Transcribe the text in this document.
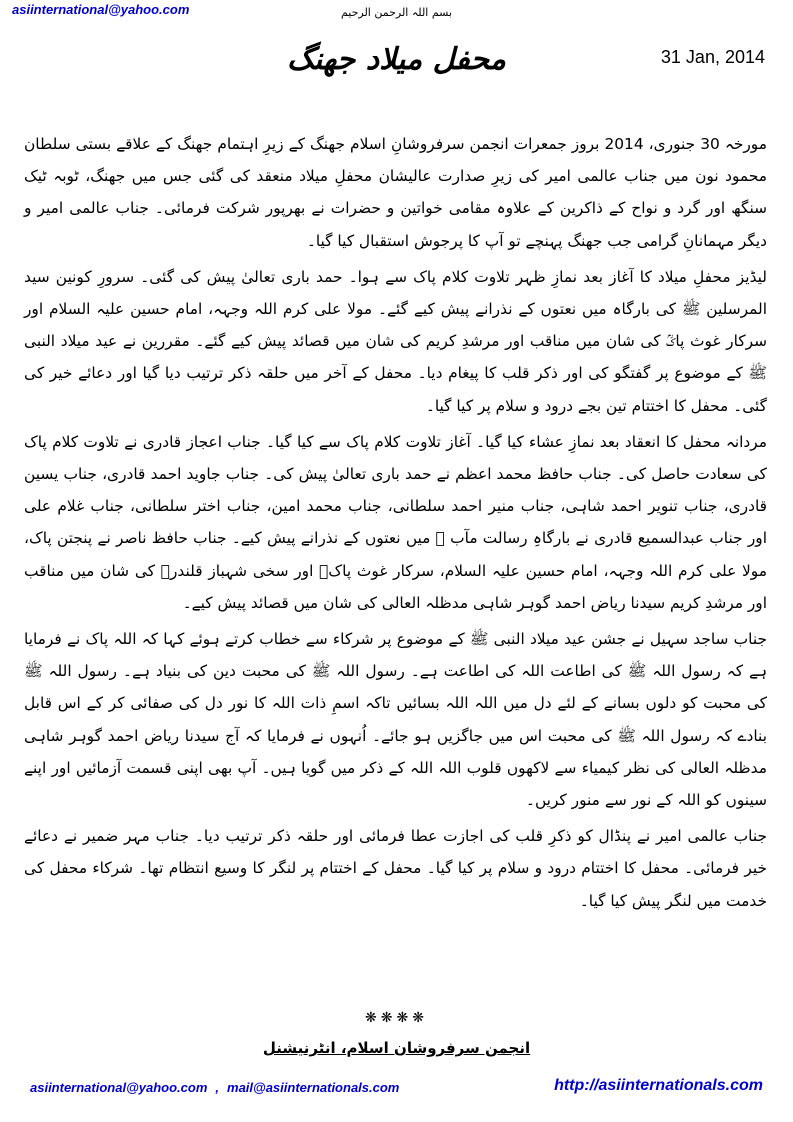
asiinternational@yahoo.com	بسم اللہ الرحمن الرحیم
محفل میلاد جھنگ	31 Jan, 2014

مورخہ 30 جنوری، 2014 بروز جمعرات انجمن سرفروشانِ اسلام جھنگ کے زیرِ اہتمام جھنگ کے علاقے بستی سلطان محمود نون میں جناب عالمی امیر کی زیرِ صدارت عالیشان محفلِ میلاد منعقد کی گئی جس میں جھنگ، ٹوبہ ٹیک سنگھ اور گرد و نواح کے ذاکرین کے علاوہ مقامی خواتین و حضرات نے بھرپور شرکت فرمائی۔ جناب عالمی امیر و دیگر مہمانانِ گرامی جب جھنگ پہنچے تو آپ کا پرجوش استقبال کیا گیا۔

لیڈیز محفلِ میلاد کا آغاز بعد نمازِ ظہر تلاوت کلام پاک سے ہوا۔ حمد باری تعالیٰ پیش کی گئی۔ سرورِ کونین سید المرسلین ﷺ کی بارگاہ میں نعتوں کے نذرانے پیش کیے گئے۔ مولا علی کرم اللہ وجہہ، امام حسین علیہ السلام اور سرکار غوث پاکؒ کی شان میں مناقب اور مرشدِ کریم کی شان میں قصائد پیش کیے گئے۔ مقررین نے عید میلاد النبی ﷺ کے موضوع پر گفتگو کی اور ذکر قلب کا پیغام دیا۔ محفل کے آخر میں حلقہ ذکر ترتیب دیا گیا اور دعائے خیر کی گئی۔ محفل کا اختتام تین بجے درود و سلام پر کیا گیا۔

مردانہ محفل کا انعقاد بعد نمازِ عشاء کیا گیا۔ آغاز تلاوت کلام پاک سے کیا گیا۔ جناب اعجاز قادری نے تلاوت کلام پاک کی سعادت حاصل کی۔ جناب حافظ محمد اعظم نے حمد باری تعالیٰ پیش کی۔ جناب جاوید احمد قادری، جناب یسین قادری، جناب تنویر احمد شاہی، جناب منیر احمد سلطانی، جناب محمد امین، جناب اختر سلطانی، جناب غلام علی اور جناب عبدالسمیع قادری نے بارگاہِ رسالت مآب ﷺ میں نعتوں کے نذرانے پیش کیے۔ جناب حافظ ناصر نے پنجتن پاک، مولا علی کرم اللہ وجہہ، امام حسین علیہ السلام، سرکار غوث پاکؒ اور سخی شہباز قلندرؒ کی شان میں مناقب اور مرشدِ کریم سیدنا ریاض احمد گوہر شاہی مدظلہ العالی کی شان میں قصائد پیش کیے۔

جناب ساجد سہیل نے جشن عید میلاد النبی ﷺ کے موضوع پر شرکاء سے خطاب کرتے ہوئے کہا کہ اللہ پاک نے فرمایا ہے کہ رسول اللہ ﷺ کی اطاعت اللہ کی اطاعت ہے۔ رسول اللہ ﷺ کی محبت دین کی بنیاد ہے۔ رسول اللہ ﷺ کی محبت کو دلوں بسانے کے لئے دل میں اللہ اللہ بسائیں تاکہ اسمِ ذات اللہ کا نور دل کی صفائی کر کے اس قابل بنادے کہ رسول اللہ ﷺ کی محبت اس میں جاگزیں ہو جائے۔ اُنہوں نے فرمایا کہ آج سیدنا ریاض احمد گوہر شاہی مدظلہ العالی کی نظر کیمیاء سے لاکھوں قلوب اللہ اللہ کے ذکر میں گویا ہیں۔ آپ بھی اپنی قسمت آزمائیں اور اپنے سینوں کو اللہ کے نور سے منور کریں۔

جناب عالمی امیر نے پنڈال کو ذکرِ قلب کی اجازت عطا فرمائی اور حلقہ ذکر ترتیب دیا۔ جناب مہر ضمیر نے دعائے خیر فرمائی۔ محفل کا اختتام درود و سلام پر کیا گیا۔ محفل کے اختتام پر لنگر کا وسیع انتظام تھا۔ شرکاء محفل کی خدمت میں لنگر پیش کیا گیا۔

❋❋❋❋
انجمن سرفروشان اسلام، انٹرنیشنل
asiinternational@yahoo.com , mail@asiinternationals.com	http://asiinternationals.com
